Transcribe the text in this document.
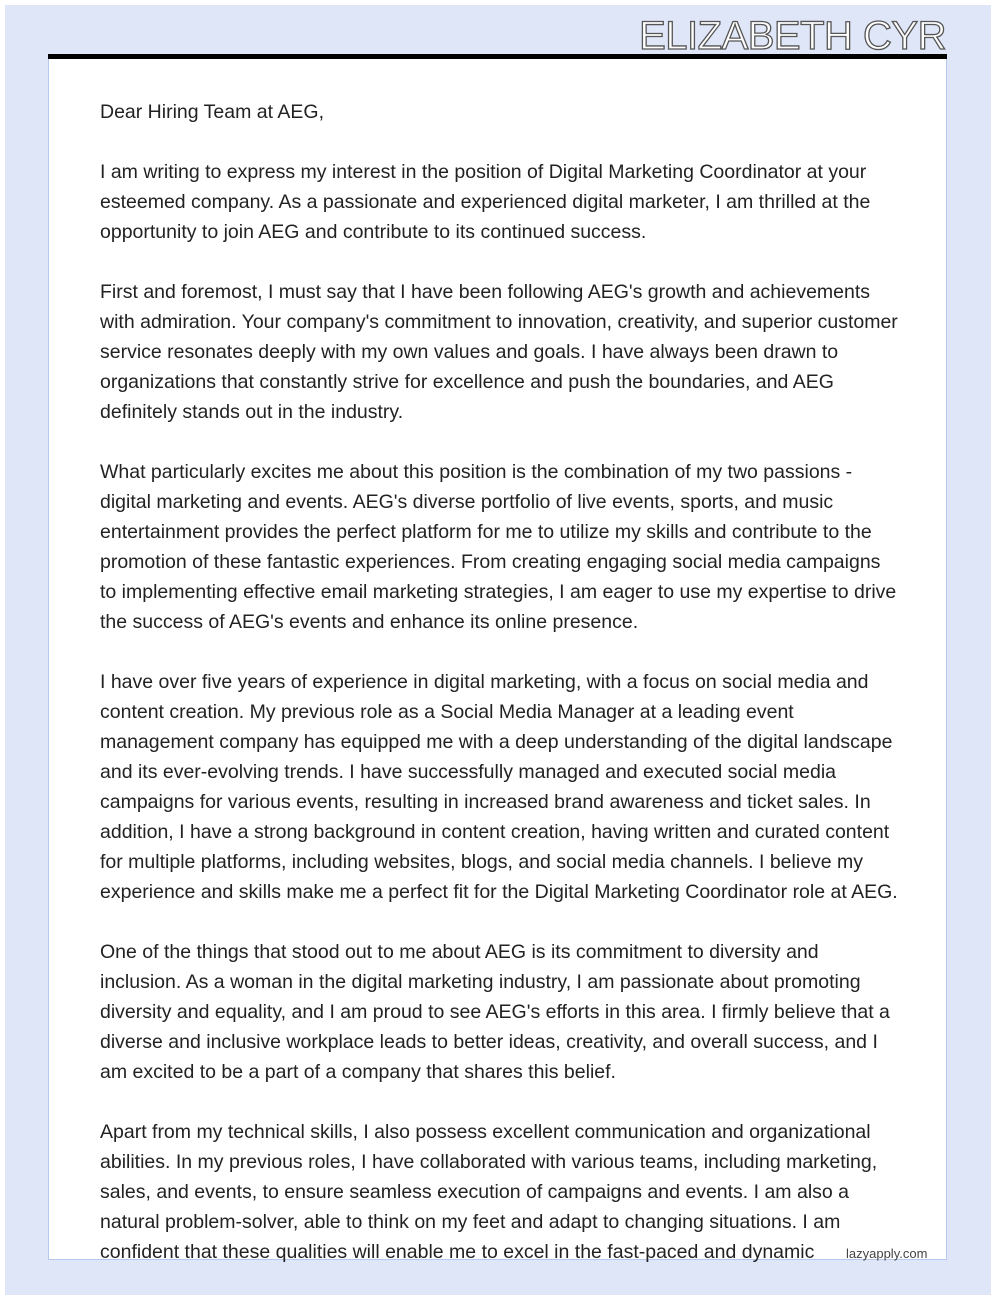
ELIZABETH CYR

Dear Hiring Team at AEG,

I am writing to express my interest in the position of Digital Marketing Coordinator at your esteemed company. As a passionate and experienced digital marketer, I am thrilled at the opportunity to join AEG and contribute to its continued success.

First and foremost, I must say that I have been following AEG's growth and achievements with admiration. Your company's commitment to innovation, creativity, and superior customer service resonates deeply with my own values and goals. I have always been drawn to organizations that constantly strive for excellence and push the boundaries, and AEG definitely stands out in the industry.

What particularly excites me about this position is the combination of my two passions - digital marketing and events. AEG's diverse portfolio of live events, sports, and music entertainment provides the perfect platform for me to utilize my skills and contribute to the promotion of these fantastic experiences. From creating engaging social media campaigns to implementing effective email marketing strategies, I am eager to use my expertise to drive the success of AEG's events and enhance its online presence.

I have over five years of experience in digital marketing, with a focus on social media and content creation. My previous role as a Social Media Manager at a leading event management company has equipped me with a deep understanding of the digital landscape and its ever-evolving trends. I have successfully managed and executed social media campaigns for various events, resulting in increased brand awareness and ticket sales. In addition, I have a strong background in content creation, having written and curated content for multiple platforms, including websites, blogs, and social media channels. I believe my experience and skills make me a perfect fit for the Digital Marketing Coordinator role at AEG.

One of the things that stood out to me about AEG is its commitment to diversity and inclusion. As a woman in the digital marketing industry, I am passionate about promoting diversity and equality, and I am proud to see AEG's efforts in this area. I firmly believe that a diverse and inclusive workplace leads to better ideas, creativity, and overall success, and I am excited to be a part of a company that shares this belief.

Apart from my technical skills, I also possess excellent communication and organizational abilities. In my previous roles, I have collaborated with various teams, including marketing, sales, and events, to ensure seamless execution of campaigns and events. I am also a natural problem-solver, able to think on my feet and adapt to changing situations. I am confident that these qualities will enable me to excel in the fast-paced and dynamic	lazyapply.com
